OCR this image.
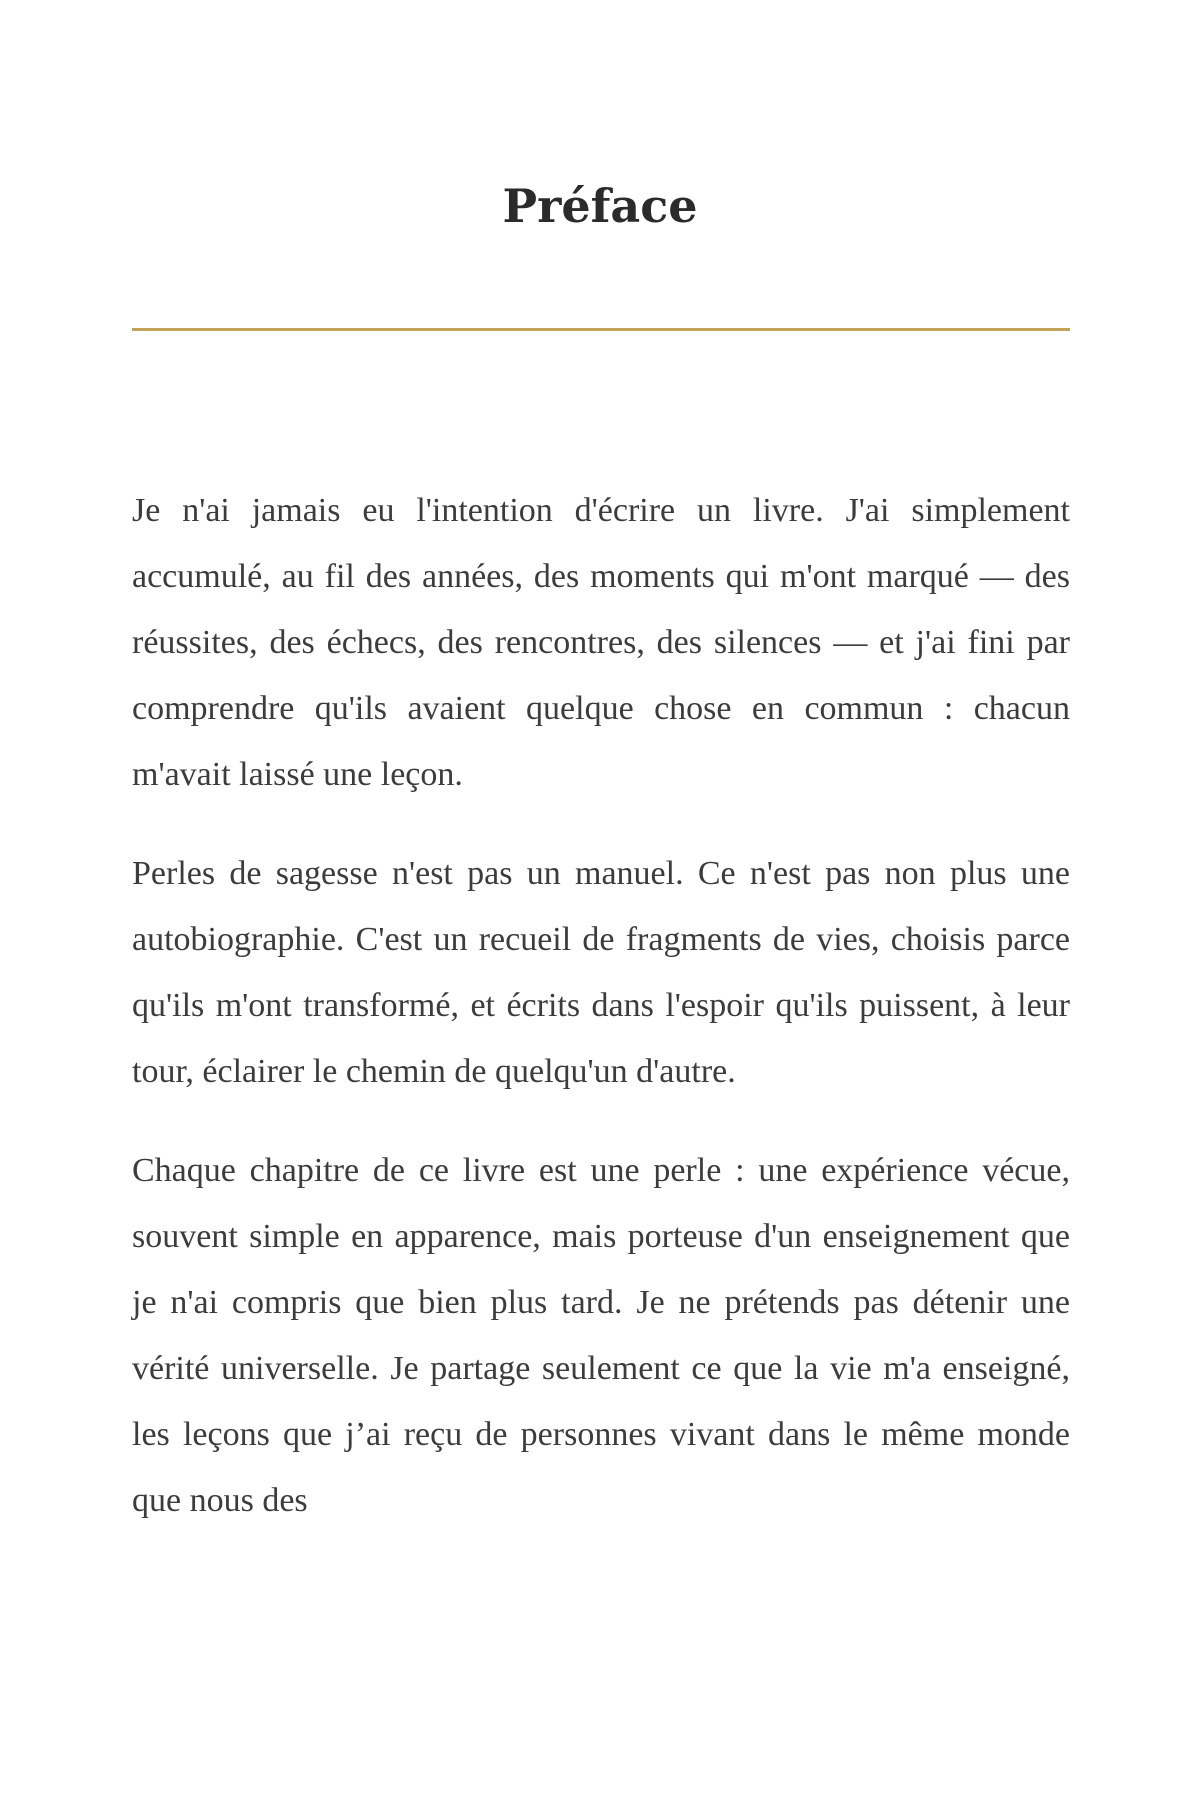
Préface

Je n'ai jamais eu l'intention d'écrire un livre. J'ai simplement accumulé, au fil des années, des moments qui m'ont marqué — des réussites, des échecs, des rencontres, des silences — et j'ai fini par comprendre qu'ils avaient quelque chose en commun : chacun m'avait laissé une leçon.

Perles de sagesse n'est pas un manuel. Ce n'est pas non plus une autobiographie. C'est un recueil de fragments de vies, choisis parce qu'ils m'ont transformé, et écrits dans l'espoir qu'ils puissent, à leur tour, éclairer le chemin de quelqu'un d'autre.

Chaque chapitre de ce livre est une perle : une expérience vécue, souvent simple en apparence, mais porteuse d'un enseignement que je n'ai compris que bien plus tard. Je ne prétends pas détenir une vérité universelle. Je partage seulement ce que la vie m'a enseigné, les leçons que j’ai reçu de personnes vivant dans le même monde que nous des
